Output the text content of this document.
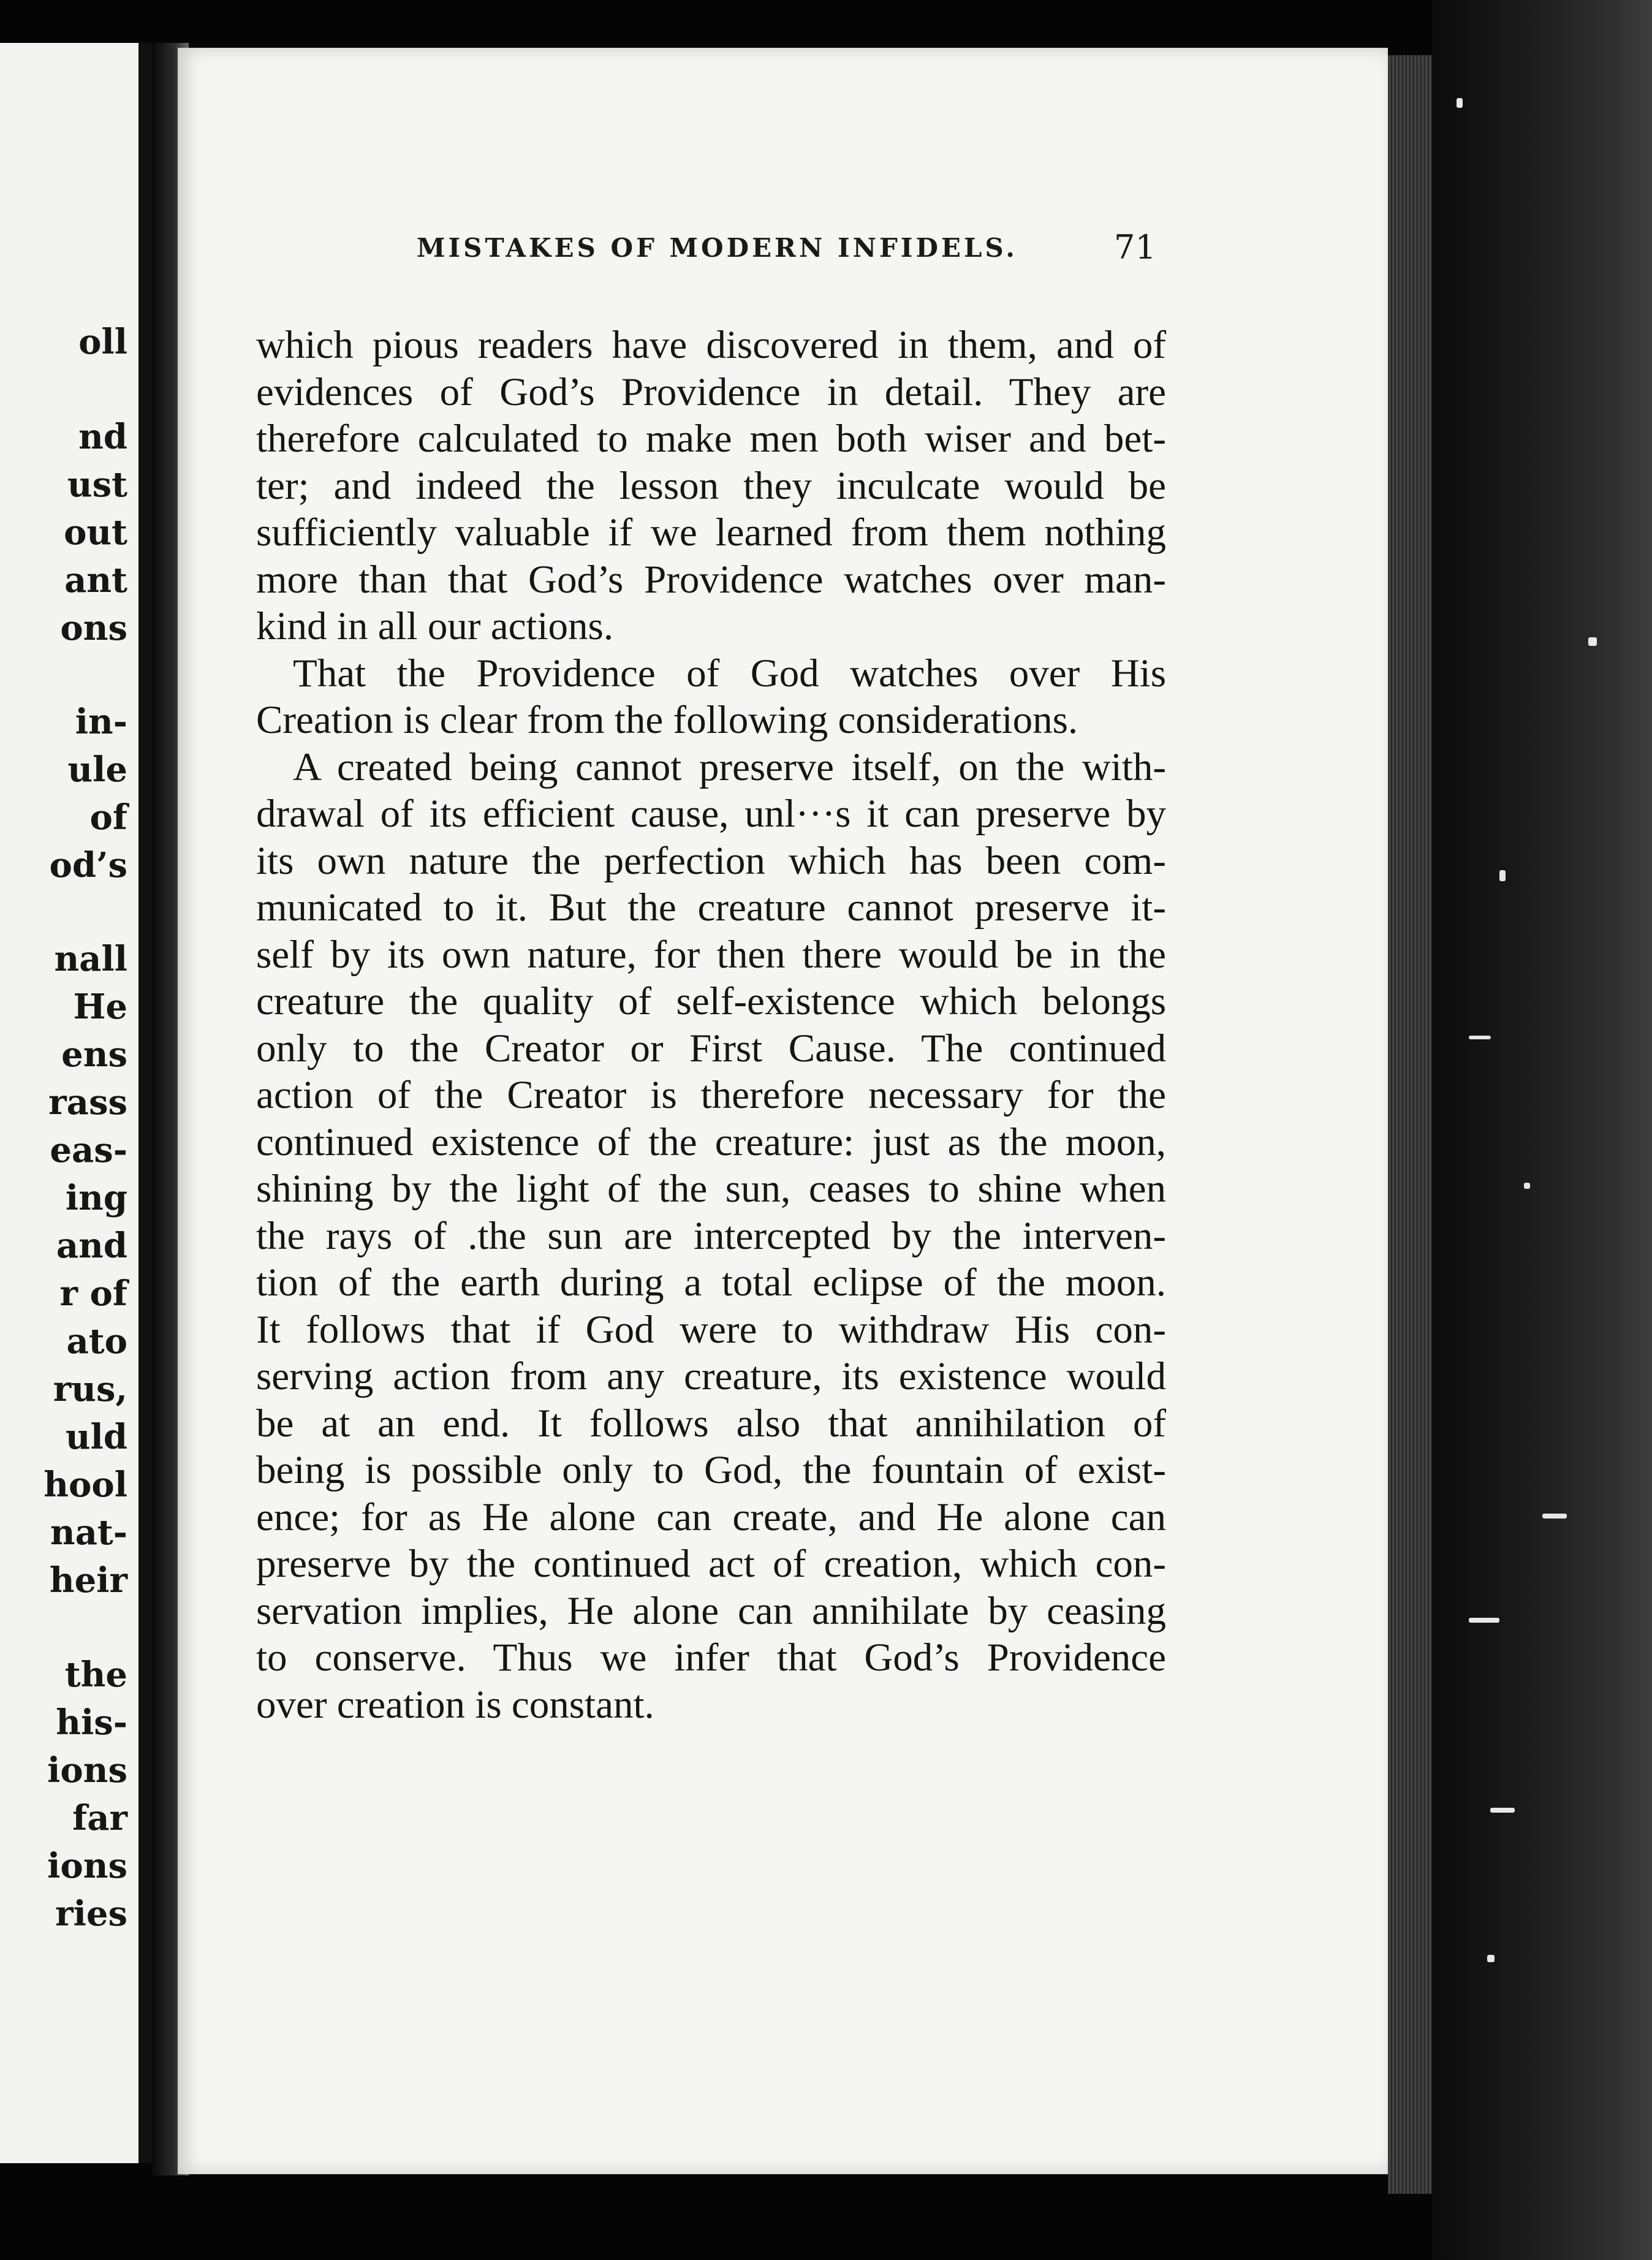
oll
nd
ust
out
ant
ons
in-
ule
of
od’s
nall
He
ens
rass
eas-
ing
and
r of
ato
rus,
uld
hool
nat-
heir
the
his-
ions
far
ions
ries
MISTAKES OF MODERN INFIDELS.	71
which pious readers have discovered in them, and of
evidences of God’s Providence in detail. They are
therefore calculated to make men both wiser and bet-
ter; and indeed the lesson they inculcate would be
sufficiently valuable if we learned from them nothing
more than that God’s Providence watches over man-
kind in all our actions.
That the Providence of God watches over His
Creation is clear from the following considerations.
A created being cannot preserve itself, on the with-
drawal of its efficient cause, unl···s it can preserve by
its own nature the perfection which has been com-
municated to it. But the creature cannot preserve it-
self by its own nature, for then there would be in the
creature the quality of self-existence which belongs
only to the Creator or First Cause. The continued
action of the Creator is therefore necessary for the
continued existence of the creature: just as the moon,
shining by the light of the sun, ceases to shine when
the rays of .the sun are intercepted by the interven-
tion of the earth during a total eclipse of the moon.
It follows that if God were to withdraw His con-
serving action from any creature, its existence would
be at an end. It follows also that annihilation of
being is possible only to God, the fountain of exist-
ence; for as He alone can create, and He alone can
preserve by the continued act of creation, which con-
servation implies, He alone can annihilate by ceasing
to conserve. Thus we infer that God’s Providence
over creation is constant.
